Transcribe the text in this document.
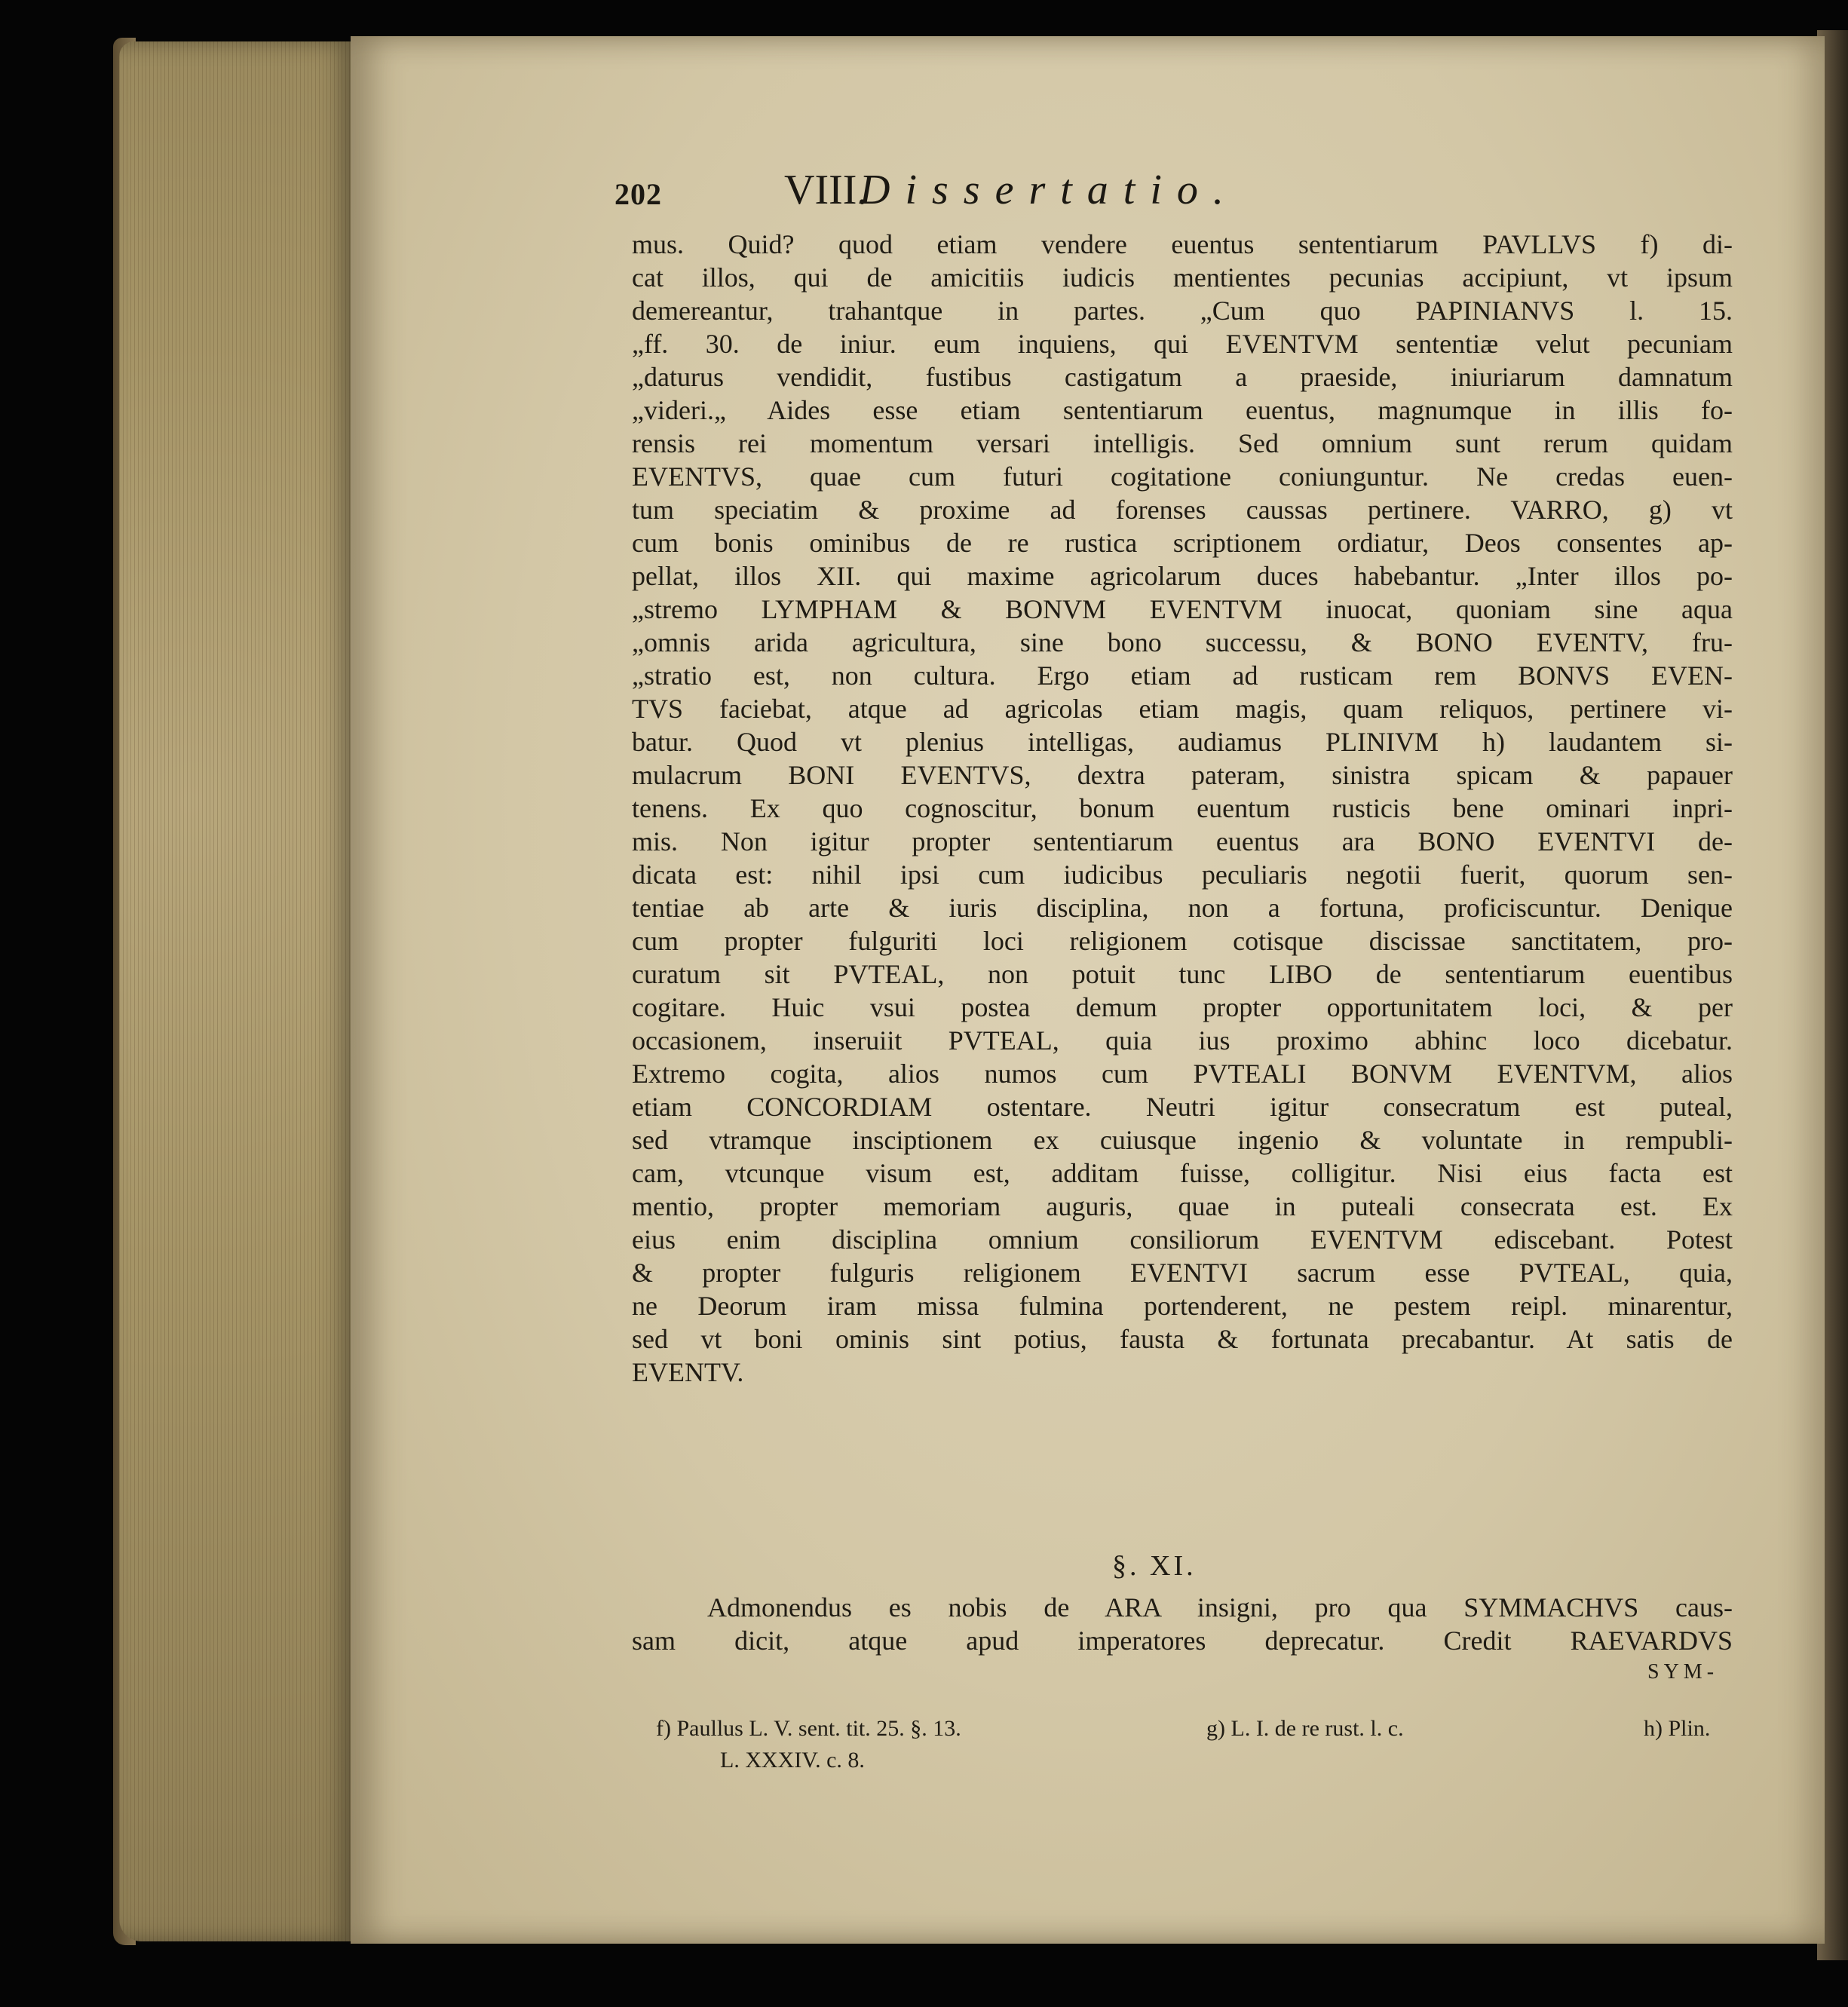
202	VIII.
Dissertatio.
mus. Quid? quod etiam vendere euentus sententiarum PAVLLVS f) di-
cat illos, qui de amicitiis iudicis mentientes pecunias accipiunt, vt ipsum
demereantur, trahantque in partes. „Cum quo PAPINIANVS l. 15.
„ff. 30. de iniur. eum inquiens, qui EVENTVM sententiæ velut pecuniam
„daturus vendidit, fustibus castigatum a praeside, iniuriarum damnatum
„videri.„ Aides esse etiam sententiarum euentus, magnumque in illis fo-
rensis rei momentum versari intelligis. Sed omnium sunt rerum quidam
EVENTVS, quae cum futuri cogitatione coniunguntur. Ne credas euen-
tum speciatim & proxime ad forenses caussas pertinere. VARRO, g) vt
cum bonis ominibus de re rustica scriptionem ordiatur, Deos consentes ap-
pellat, illos XII. qui maxime agricolarum duces habebantur. „Inter illos po-
„stremo LYMPHAM & BONVM EVENTVM inuocat, quoniam sine aqua
„omnis arida agricultura, sine bono successu, & BONO EVENTV, fru-
„stratio est, non cultura. Ergo etiam ad rusticam rem BONVS EVEN-
TVS faciebat, atque ad agricolas etiam magis, quam reliquos, pertinere vi-
batur. Quod vt plenius intelligas, audiamus PLINIVM h) laudantem si-
mulacrum BONI EVENTVS, dextra pateram, sinistra spicam & papauer
tenens. Ex quo cognoscitur, bonum euentum rusticis bene ominari inpri-
mis. Non igitur propter sententiarum euentus ara BONO EVENTVI de-
dicata est: nihil ipsi cum iudicibus peculiaris negotii fuerit, quorum sen-
tentiae ab arte & iuris disciplina, non a fortuna, proficiscuntur. Denique
cum propter fulguriti loci religionem cotisque discissae sanctitatem, pro-
curatum sit PVTEAL, non potuit tunc LIBO de sententiarum euentibus
cogitare. Huic vsui postea demum propter opportunitatem loci, & per
occasionem, inseruiit PVTEAL, quia ius proximo abhinc loco dicebatur.
Extremo cogita, alios numos cum PVTEALI BONVM EVENTVM, alios
etiam CONCORDIAM ostentare. Neutri igitur consecratum est puteal,
sed vtramque insciptionem ex cuiusque ingenio & voluntate in rempubli-
cam, vtcunque visum est, additam fuisse, colligitur. Nisi eius facta est
mentio, propter memoriam auguris, quae in puteali consecrata est. Ex
eius enim disciplina omnium consiliorum EVENTVM ediscebant. Potest
& propter fulguris religionem EVENTVI sacrum esse PVTEAL, quia,
ne Deorum iram missa fulmina portenderent, ne pestem reipl. minarentur,
sed vt boni ominis sint potius, fausta & fortunata precabantur. At satis de
EVENTV.
§. XI.
Admonendus es nobis de ARA insigni, pro qua SYMMACHVS caus-
sam dicit, atque apud imperatores deprecatur. Credit RAEVARDVS
SYM-
f) Paullus L. V. sent. tit. 25. §. 13.	g) L. I. de re rust. l. c.	h) Plin.
L. XXXIV. c. 8.
